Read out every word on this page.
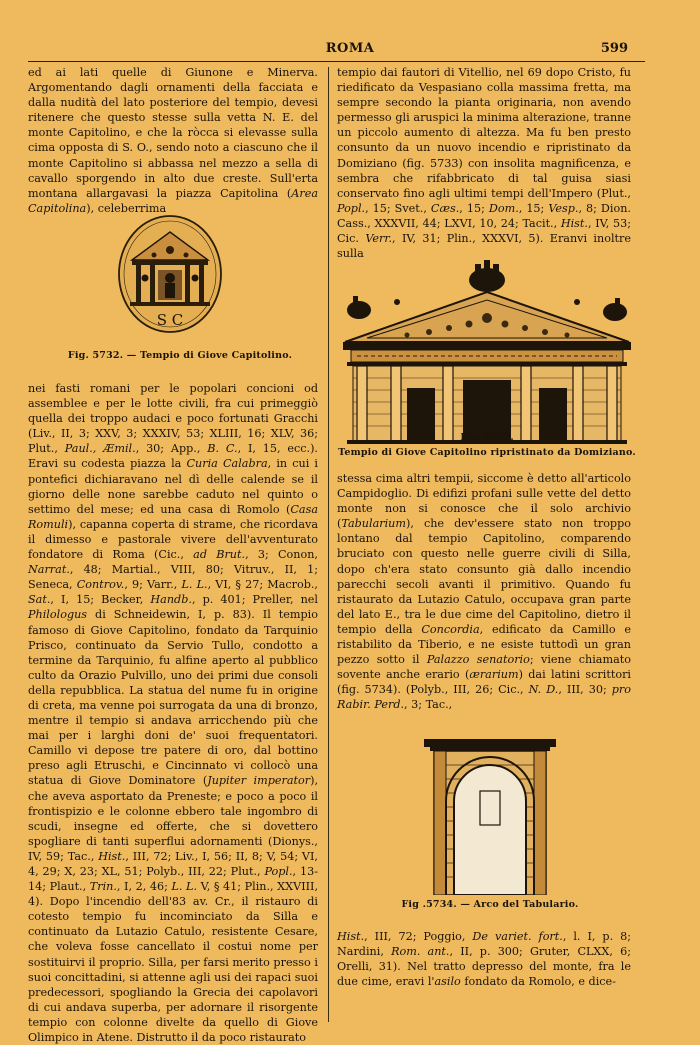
ROMA	599

ed ai lati quelle di Giunone e Minerva. Argomentando dagli ornamenti della facciata e dalla nudità del lato posteriore del tempio, devesi ritenere che questo stesse sulla vetta N. E. del monte Capitolino, e che la ròcca si elevasse sulla cima opposta di S. O., sendo noto a ciascuno che il monte Capitolino si abbassa nel mezzo a sella di cavallo sporgendo in alto due creste. Sull'erta montana allargavasi la piazza Capitolina (Area Capitolina), celeberrima

S C
Fig. 5732. — Tempio di Giove Capitolino.

nei fasti romani per le popolari concioni od assemblee e per le lotte civili, fra cui primeggiò quella dei troppo audaci e poco fortunati Gracchi (Liv., II, 3; XXV, 3; XXXIV, 53; XLIII, 16; XLV, 36; Plut., Paul., Æmil., 30; App., B. C., I, 15, ecc.). Eravi su codesta piazza la Curia Calabra, in cui i pontefici dichiaravano nel dì delle calende se il giorno delle none sarebbe caduto nel quinto o settimo del mese; ed una casa di Romolo (Casa Romuli), capanna coperta di strame, che ricordava il dimesso e pastorale vivere dell'avventurato fondatore di Roma (Cic., ad Brut., 3; Conon, Narrat., 48; Martial., VIII, 80; Vitruv., II, 1; Seneca, Controv., 9; Varr., L. L., VI, § 27; Macrob., Sat., I, 15; Becker, Handb., p. 401; Preller, nel Philologus di Schneidewin, I, p. 83). Il tempio famoso di Giove Capitolino, fondato da Tarquinio Prisco, continuato da Servio Tullo, condotto a termine da Tarquinio, fu alfine aperto al pubblico culto da Orazio Pulvillo, uno dei primi due consoli della repubblica. La statua del nume fu in origine di creta, ma venne poi surrogata da una di bronzo, mentre il tempio si andava arricchendo più che mai per i larghi doni de' suoi frequentatori. Camillo vi depose tre patere di oro, dal bottino preso agli Etruschi, e Cincinnato vi collocò una statua di Giove Dominatore (Jupiter imperator), che aveva asportato da Preneste; e poco a poco il frontispizio e le colonne ebbero tale ingombro di scudi, insegne ed offerte, che si dovettero spogliare di tanti superflui adornamenti (Dionys., IV, 59; Tac., Hist., III, 72; Liv., I, 56; II, 8; V, 54; VI, 4, 29; X, 23; XL, 51; Polyb., III, 22; Plut., Popl., 13-14; Plaut., Trin., I, 2, 46; L. L. V, § 41; Plin., XXVIII, 4). Dopo l'incendio dell'83 av. Cr., il ristauro di cotesto tempio fu incominciato da Silla e continuato da Lutazio Catulo, resistente Cesare, che voleva fosse cancellato il costui nome per sostituirvi il proprio. Silla, per farsi merito presso i suoi concittadini, si attenne agli usi dei rapaci suoi predecessori, spogliando la Grecia dei capolavori di cui andava superba, per adornare il risorgente tempio con colonne divelte da quello di Giove Olimpico in Atene. Distrutto il da poco ristaurato

tempio dai fautori di Vitellio, nel 69 dopo Cristo, fu riedificato da Vespasiano colla massima fretta, ma sempre secondo la pianta originaria, non avendo permesso gli aruspici la minima alterazione, tranne un piccolo aumento di altezza. Ma fu ben presto consunto da un nuovo incendio e ripristinato da Domiziano (fig. 5733) con insolita magnificenza, e sembra che rifabbricato di tal guisa siasi conservato fino agli ultimi tempi dell'Impero (Plut., Popl., 15; Svet., Cæs., 15; Dom., 15; Vesp., 8; Dion. Cass., XXXVII, 44; LXVI, 10, 24; Tacit., Hist., IV, 53; Cic. Verr., IV, 31; Plin., XXXVI, 5). Eranvi inoltre sulla

Fig. 5733.
Tempio di Giove Capitolino ripristinato da Domiziano.

stessa cima altri tempii, siccome è detto all'articolo Campidoglio. Di edifizi profani sulle vette del detto monte non si conosce che il solo archivio (Tabularium), che dev'essere stato non troppo lontano dal tempio Capitolino, comparendo bruciato con questo nelle guerre civili di Silla, dopo ch'era stato consunto già dallo incendio parecchi secoli avanti il primitivo. Quando fu ristaurato da Lutazio Catulo, occupava gran parte del lato E., tra le due cime del Capitolino, dietro il tempio della Concordia, edificato da Camillo e ristabilito da Tiberio, e ne esiste tuttodì un gran pezzo sotto il Palazzo senatorio; viene chiamato sovente anche erario (ærarium) dai latini scrittori (fig. 5734). (Polyb., III, 26; Cic., N. D., III, 30; pro Rabir. Perd., 3; Tac.,

Fig .5734. — Arco del Tabulario.

Hist., III, 72; Poggio, De variet. fort., l. I, p. 8; Nardini, Rom. ant., II, p. 300; Gruter, CLXX, 6; Orelli, 31). Nel tratto depresso del monte, fra le due cime, eravi l'asilo fondato da Romolo, e dice-
